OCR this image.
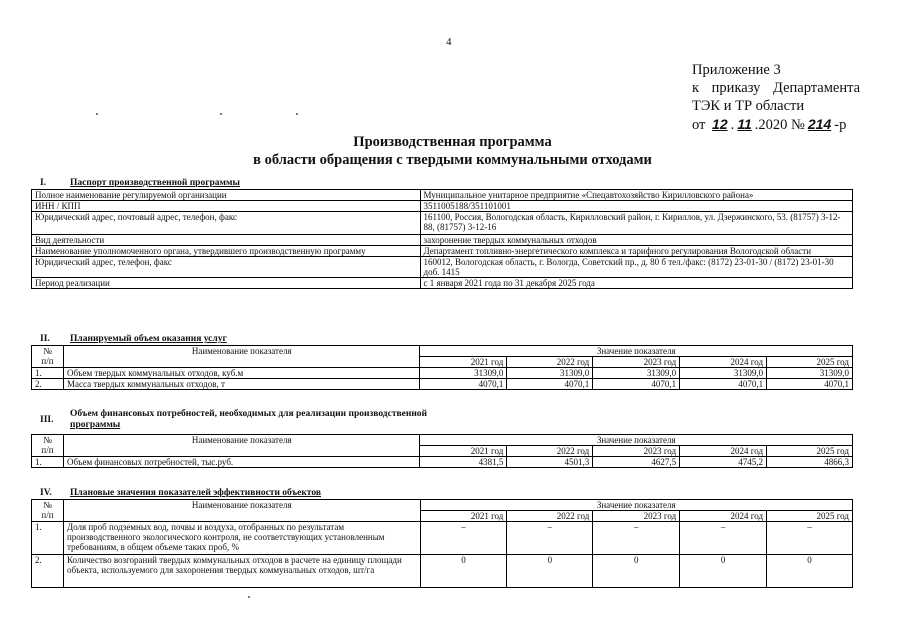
4
Приложение 3
к приказу Департамента
ТЭК и ТР области
от 12 . 11 .2020 № 214 -р
Производственная программа
в области обращения с твердыми коммунальными отходами
I.	Паспорт производственной программы
Полное наименование регулируемой организации	Муниципальное унитарное предприятие «Спецавтохозяйство Кирилловского района»
ИНН / КПП	3511005188/351101001
Юридический адрес, почтовый адрес, телефон, факс	161100, Россия, Вологодская область, Кирилловский район, г. Кириллов, ул. Дзержинского, 53. (81757) 3-12-88, (81757) 3-12-16
Вид деятельности	захоронение твердых коммунальных отходов
Наименование уполномоченного органа, утвердившего производственную программу	Департамент топливно-энергетического комплекса и тарифного регулирования Вологодской области
Юридический адрес, телефон, факс	160012, Вологодская область, г. Вологда, Советский пр., д. 80 б тел./факс: (8172) 23-01-30 / (8172) 23-01-30 доб. 1415
Период реализации	с 1 января 2021 года по 31 декабря 2025 года
II. Планируемый объем оказания услуг
№
п/п	Наименование показателя	Значение показателя				
		2021 год	2022 год	2023 год	2024 год	2025 год
1.	Объем твердых коммунальных отходов, куб.м	31309,0	31309,0	31309,0	31309,0	31309,0
2.	Масса твердых коммунальных отходов, т	4070,1	4070,1	4070,1	4070,1	4070,1
III.
Объем финансовых потребностей, необходимых для реализации производственной
программы
№
п/п	Наименование показателя	Значение показателя				
		2021 год	2022 год	2023 год	2024 год	2025 год
1.	Объем финансовых потребностей, тыс.руб.	4381,5	4501,3	4627,5	4745,2	4866,3
IV. Плановые значения показателей эффективности объектов
№
п/п	Наименование показателя	Значение показателя				
		2021 год	2022 год	2023 год	2024 год	2025 год
1.	Доля проб подземных вод, почвы и воздуха, отобранных по результатам производственного экологического контроля, не соответствующих установленным требованиям, в общем объеме таких проб, %	–	–	–	–	–
2.	Количество возгораний твердых коммунальных отходов в расчете на единицу площади объекта, используемого для захоронения твердых коммунальных отходов, шт/га	0	0	0	0	0
